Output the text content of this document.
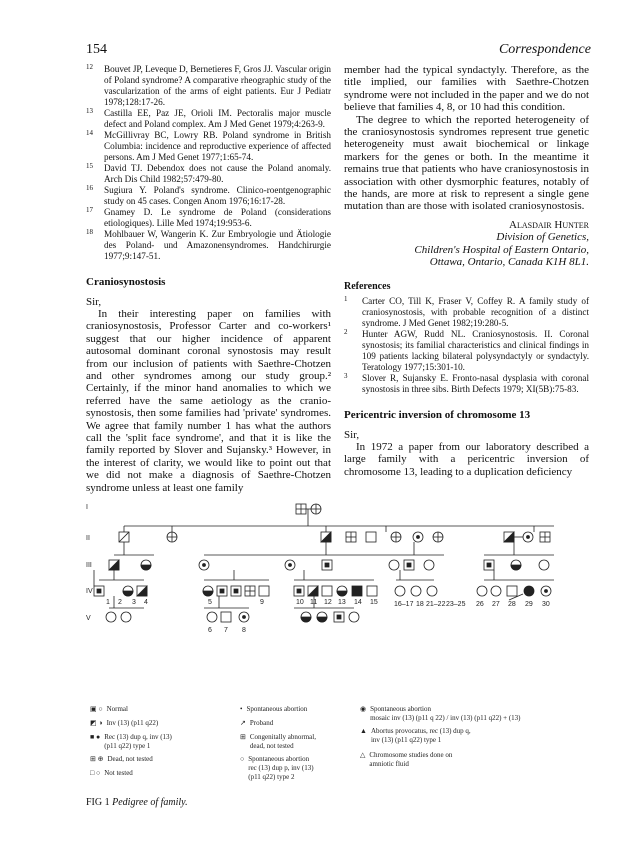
154	Correspondence
12 Bouvet JP, Leveque D, Bernetieres F, Gros JJ. Vascular origin of Poland syndrome? A comparative rheographic study of the vascularization of the arms of eight patients. Eur J Pediatr 1978;128:17-26.
13 Castilla EE, Paz JE, Orioli IM. Pectoralis major muscle defect and Poland complex. Am J Med Genet 1979;4:263-9.
14 McGillivray BC, Lowry RB. Poland syndrome in British Columbia: incidence and reproductive experience of affected persons. Am J Med Genet 1977;1:65-74.
15 David TJ. Debendox does not cause the Poland anomaly. Arch Dis Child 1982;57:479-80.
16 Sugiura Y. Poland's syndrome. Clinico-roentgenographic study on 45 cases. Congen Anom 1976;16:17-28.
17 Gnamey D. Le syndrome de Poland (considerations etiologiques). Lille Med 1974;19:953-6.
18 Mohlbauer W, Wangerin K. Zur Embryologie und Ätiologie des Poland- und Amazonensyndromes. Handchirurgie 1977;9:147-51.
Craniosynostosis
Sir,

In their interesting paper on families with craniosynostosis, Professor Carter and co-workers¹ suggest that our higher incidence of apparent autosomal dominant coronal synostosis may result from our inclusion of patients with Saethre-Chotzen and other syndromes among our study group.² Certainly, if the minor hand anomalies to which we referred have the same aetiology as the cranio-synostosis, then some families had 'private' syndromes. We agree that family number 1 has what the authors call the 'split face syndrome', and that it is like the family reported by Slover and Sujansky.³ However, in the interest of clarity, we would like to point out that we did not make a diagnosis of Saethre-Chotzen syndrome unless at least one family

member had the typical syndactyly. Therefore, as the title implied, our families with Saethre-Chotzen syndrome were not included in the paper and we do not believe that families 4, 8, or 10 had this condition.

The degree to which the reported heterogeneity of the craniosynostosis syndromes represent true genetic heterogeneity must await biochemical or linkage markers for the genes or both. In the meantime it remains true that patients who have craniosynostosis in association with other dysmorphic features, notably of the hands, are more at risk to represent a single gene mutation than are those with isolated craniosynostosis.

Alasdair Hunter
Division of Genetics,
Children's Hospital of Eastern Ontario,
Ottawa, Ontario, Canada K1H 8L1.
References
1 Carter CO, Till K, Fraser V, Coffey R. A family study of craniosynostosis, with probable recognition of a distinct syndrome. J Med Genet 1982;19:280-5.
2 Hunter AGW, Rudd NL. Craniosynostosis. II. Coronal synostosis; its familial characteristics and clinical findings in 109 patients lacking bilateral polysyndactyly or syndactyly. Teratology 1977;15:301-10.
3 Slover R, Sujansky E. Fronto-nasal dysplasia with coronal synostosis in three sibs. Birth Defects 1979; XI(5B):75-83.
Pericentric inversion of chromosome 13
Sir,

In 1972 a paper from our laboratory described a large family with a pericentric inversion of chromosome 13, leading to a duplication deficiency

I
II
III
IV
V
1 2 3 4	5
6 7 8
9	10 11 12 13 14 15 16–17 18 21–22 23–25 26 27 28 29 30
▣ ○ Normal
◩ ◑ Inv (13) (p11 q22)
■ ● Rec (13) dup q, inv (13)
(p11 q22) type 1
⊞ ⊕ Dead, not tested
□ ○ Not tested
• Spontaneous abortion
↗ Proband
⊞ Congenitally abnormal,
dead, not tested
○ Spontaneous abortion
rec (13) dup p, inv (13)
(p11 q22) type 2
◉ Spontaneous abortion
mosaic inv (13) (p11 q 22) / inv (13) (p11 q22) + (13)
▲ Abortus provocatus, rec (13) dup q,
inv (13) (p11 q22) type 1
△ Chromosome studies done on
amniotic fluid
FIG 1 Pedigree of family.
